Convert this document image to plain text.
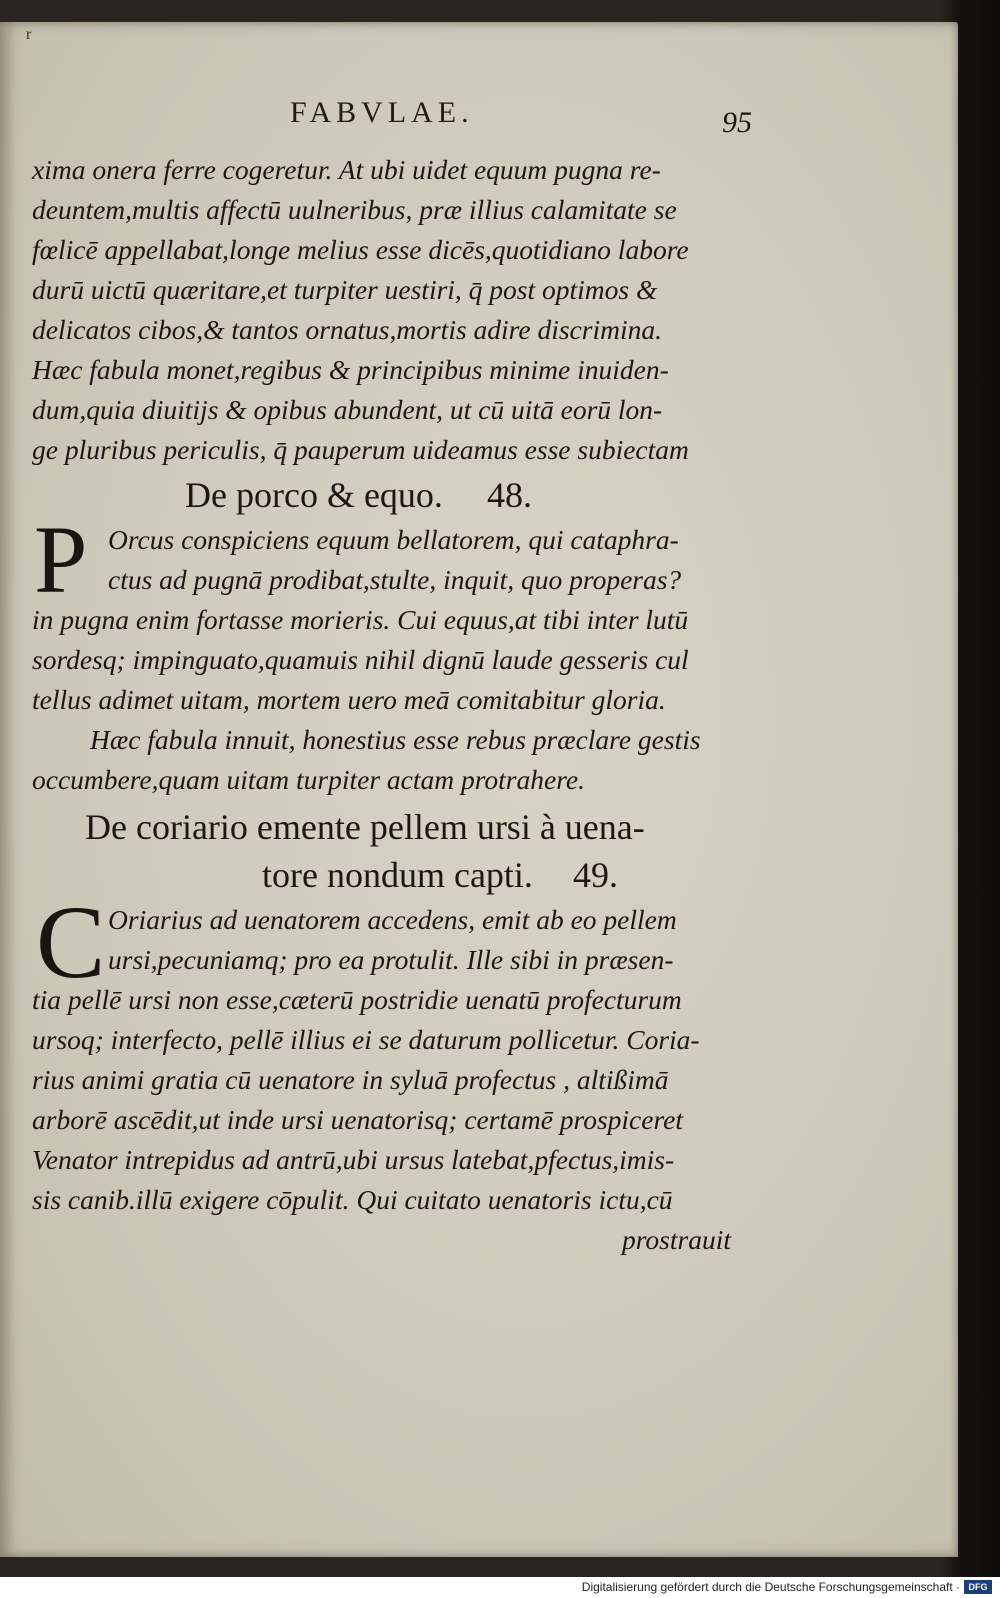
r
FABVLAE.	95
xima onera ferre cogeretur. At ubi uidet equum pugna re-
deuntem,multis affectū uulneribus, præ illius calamitate se
fœlicē appellabat,longe melius esse dicēs,quotidiano labore
durū uictū quæritare,et turpiter uestiri, q̄ post optimos &
delicatos cibos,& tantos ornatus,mortis adire discrimina.
Hæc fabula monet,regibus & principibus minime inuiden-
dum,quia diuitijs & opibus abundent, ut cū uitā eorū lon-
ge pluribus periculis, q̄ pauperum uideamus esse subiectam
De porco & equo. 48.
P Orcus conspiciens equum bellatorem, qui cataphra-
ctus ad pugnā prodibat,stulte, inquit, quo properas?
in pugna enim fortasse morieris. Cui equus,at tibi inter lutū
sordesq; impinguato,quamuis nihil dignū laude gesseris cul
tellus adimet uitam, mortem uero meā comitabitur gloria.
Hæc fabula innuit, honestius esse rebus præclare gestis
occumbere,quam uitam turpiter actam protrahere.
De coriario emente pellem ursi à uena-
tore nondum capti. 49.
C Oriarius ad uenatorem accedens, emit ab eo pellem
ursi,pecuniamq; pro ea protulit. Ille sibi in præsen-
tia pellē ursi non esse,cæterū postridie uenatū profecturum
ursoq; interfecto, pellē illius ei se daturum pollicetur. Coria-
rius animi gratia cū uenatore in syluā profectus , altißimā
arborē ascēdit,ut inde ursi uenatorisq; certamē prospiceret
Venator intrepidus ad antrū,ubi ursus latebat,pfectus,imis-
sis canib.illū exigere cōpulit. Qui cuitato uenatoris ictu,cū
prostrauit
Digitalisierung gefördert durch die Deutsche Forschungsgemeinschaft · DFG
